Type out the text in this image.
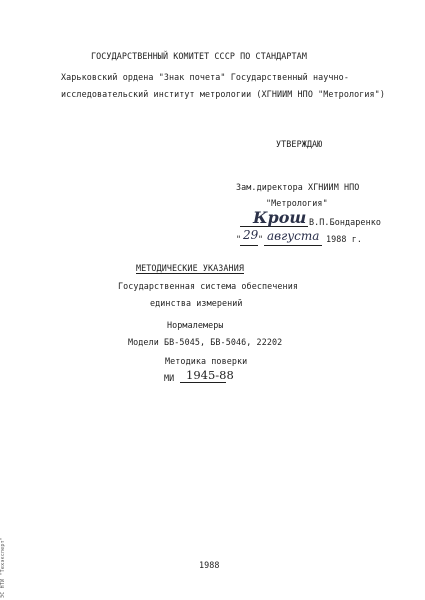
ГОСУДАРСТВЕННЫЙ КОМИТЕТ СССР ПО СТАНДАРТАМ
Харьковский ордена "Знак почета" Государственный научно-
исследовательский институт метрологии (ХГНИИМ НПО "Метрология")
УТВЕРЖДАЮ
Зам.директора ХГНИИМ НПО
"Метрология"
Крош В.П.Бондаренко
" 29 " августа 1988 г.
МЕТОДИЧЕСКИЕ УКАЗАНИЯ
Государственная система обеспечения
единства измерений
Нормалемеры
Модели БВ-5045, БВ-5046, 22202
Методика поверки
МИ 1945-88
1988
ЭС НТИ "Техэксперт"
